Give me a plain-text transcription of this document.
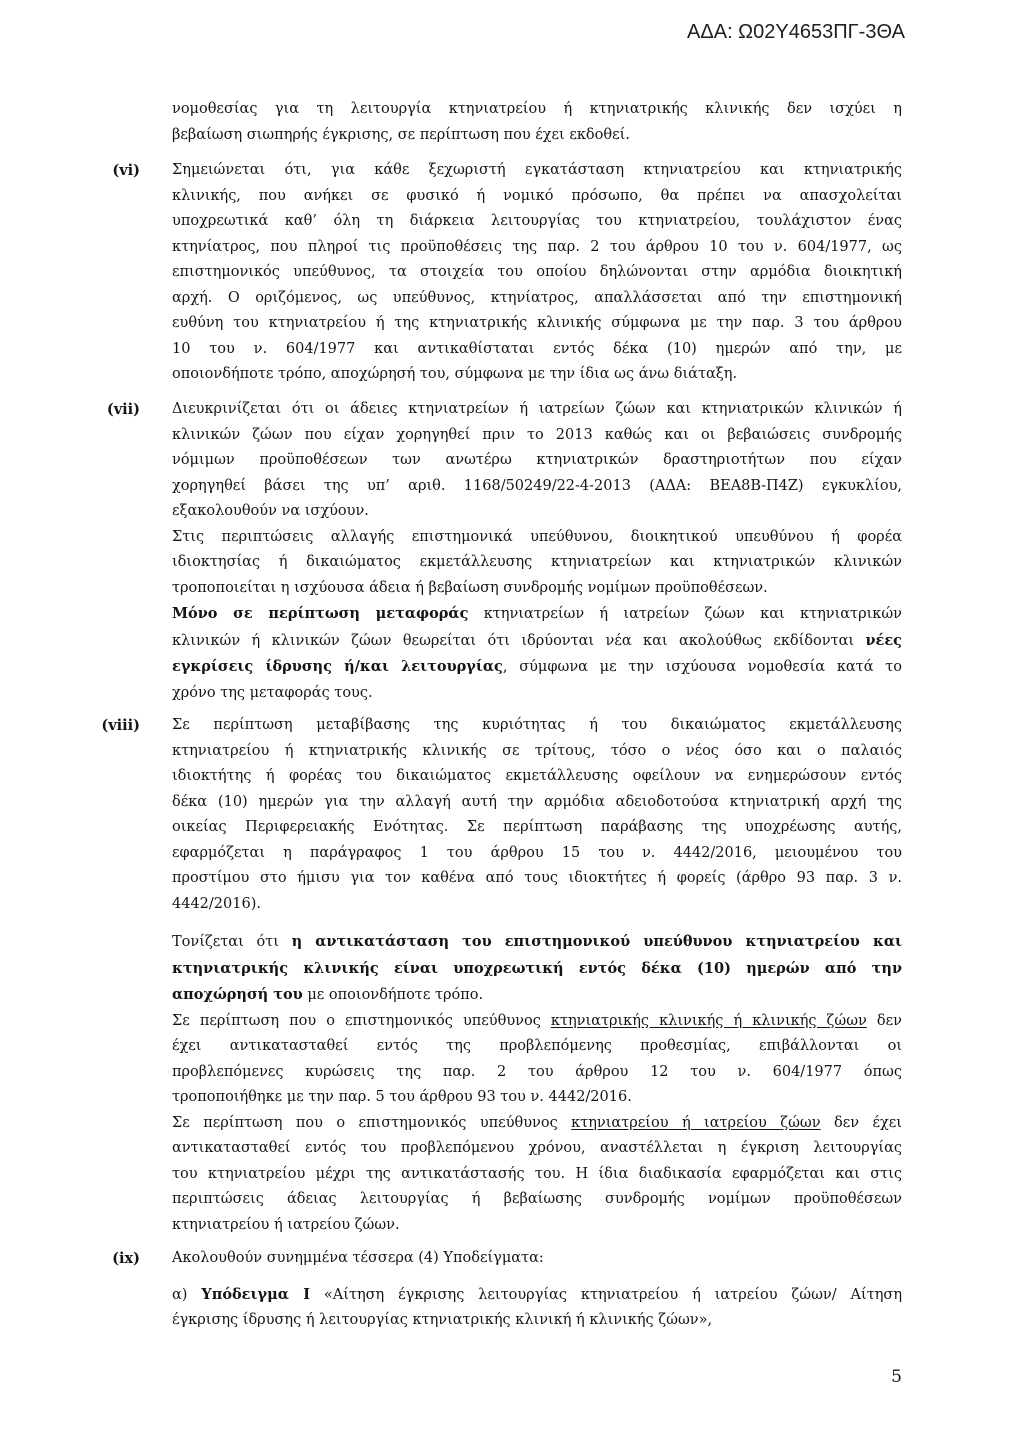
ΑΔΑ: Ω02Υ4653ΠΓ-3ΘΑ
νομοθεσίας για τη λειτουργία κτηνιατρείου ή κτηνιατρικής κλινικής δεν ισχύει η
βεβαίωση σιωπηρής έγκρισης, σε περίπτωση που έχει εκδοθεί.
(vi) Σημειώνεται ότι, για κάθε ξεχωριστή εγκατάσταση κτηνιατρείου και κτηνιατρικής
κλινικής, που ανήκει σε φυσικό ή νομικό πρόσωπο, θα πρέπει να απασχολείται
υποχρεωτικά καθ’ όλη τη διάρκεια λειτουργίας του κτηνιατρείου, τουλάχιστον ένας
κτηνίατρος, που πληροί τις προϋποθέσεις της παρ. 2 του άρθρου 10 του ν. 604/1977, ως
επιστημονικός υπεύθυνος, τα στοιχεία του οποίου δηλώνονται στην αρμόδια διοικητική
αρχή. Ο οριζόμενος, ως υπεύθυνος, κτηνίατρος, απαλλάσσεται από την επιστημονική
ευθύνη του κτηνιατρείου ή της κτηνιατρικής κλινικής σύμφωνα με την παρ. 3 του άρθρου
10 του ν. 604/1977 και αντικαθίσταται εντός δέκα (10) ημερών από την, με
οποιονδήποτε τρόπο, αποχώρησή του, σύμφωνα με την ίδια ως άνω διάταξη.
(vii) Διευκρινίζεται ότι οι άδειες κτηνιατρείων ή ιατρείων ζώων και κτηνιατρικών κλινικών ή
κλινικών ζώων που είχαν χορηγηθεί πριν το 2013 καθώς και οι βεβαιώσεις συνδρομής
νόμιμων προϋποθέσεων των ανωτέρω κτηνιατρικών δραστηριοτήτων που είχαν
χορηγηθεί βάσει της υπ’ αριθ. 1168/50249/22-4-2013 (ΑΔΑ: ΒΕΑ8Β-Π4Ζ) εγκυκλίου,
εξακολουθούν να ισχύουν.
Στις περιπτώσεις αλλαγής επιστημονικά υπεύθυνου, διοικητικού υπευθύνου ή φορέα
ιδιοκτησίας ή δικαιώματος εκμετάλλευσης κτηνιατρείων και κτηνιατρικών κλινικών
τροποποιείται η ισχύουσα άδεια ή βεβαίωση συνδρομής νομίμων προϋποθέσεων.
Μόνο σε περίπτωση μεταφοράς κτηνιατρείων ή ιατρείων ζώων και κτηνιατρικών
κλινικών ή κλινικών ζώων θεωρείται ότι ιδρύονται νέα και ακολούθως εκδίδονται νέες
εγκρίσεις ίδρυσης ή/και λειτουργίας, σύμφωνα με την ισχύουσα νομοθεσία κατά το
χρόνο της μεταφοράς τους.
(viii) Σε περίπτωση μεταβίβασης της κυριότητας ή του δικαιώματος εκμετάλλευσης
κτηνιατρείου ή κτηνιατρικής κλινικής σε τρίτους, τόσο ο νέος όσο και ο παλαιός
ιδιοκτήτης ή φορέας του δικαιώματος εκμετάλλευσης οφείλουν να ενημερώσουν εντός
δέκα (10) ημερών για την αλλαγή αυτή την αρμόδια αδειοδοτούσα κτηνιατρική αρχή της
οικείας Περιφερειακής Ενότητας. Σε περίπτωση παράβασης της υποχρέωσης αυτής,
εφαρμόζεται η παράγραφος 1 του άρθρου 15 του ν. 4442/2016, μειουμένου του
προστίμου στο ήμισυ για τον καθένα από τους ιδιοκτήτες ή φορείς (άρθρο 93 παρ. 3 ν.
4442/2016).
Τονίζεται ότι η αντικατάσταση του επιστημονικού υπεύθυνου κτηνιατρείου και
κτηνιατρικής κλινικής είναι υποχρεωτική εντός δέκα (10) ημερών από την
αποχώρησή του με οποιονδήποτε τρόπο.
Σε περίπτωση που ο επιστημονικός υπεύθυνος κτηνιατρικής κλινικής ή κλινικής ζώων δεν
έχει αντικατασταθεί εντός της προβλεπόμενης προθεσμίας, επιβάλλονται οι
προβλεπόμενες κυρώσεις της παρ. 2 του άρθρου 12 του ν. 604/1977 όπως
τροποποιήθηκε με την παρ. 5 του άρθρου 93 του ν. 4442/2016.
Σε περίπτωση που ο επιστημονικός υπεύθυνος κτηνιατρείου ή ιατρείου ζώων δεν έχει
αντικατασταθεί εντός του προβλεπόμενου χρόνου, αναστέλλεται η έγκριση λειτουργίας
του κτηνιατρείου μέχρι της αντικατάστασής του. Η ίδια διαδικασία εφαρμόζεται και στις
περιπτώσεις άδειας λειτουργίας ή βεβαίωσης συνδρομής νομίμων προϋποθέσεων
κτηνιατρείου ή ιατρείου ζώων.
(ix) Ακολουθούν συνημμένα τέσσερα (4) Υποδείγματα:
α) Υπόδειγμα Ι «Αίτηση έγκρισης λειτουργίας κτηνιατρείου ή ιατρείου ζώων/ Αίτηση
έγκρισης ίδρυσης ή λειτουργίας κτηνιατρικής κλινική ή κλινικής ζώων»,
5
